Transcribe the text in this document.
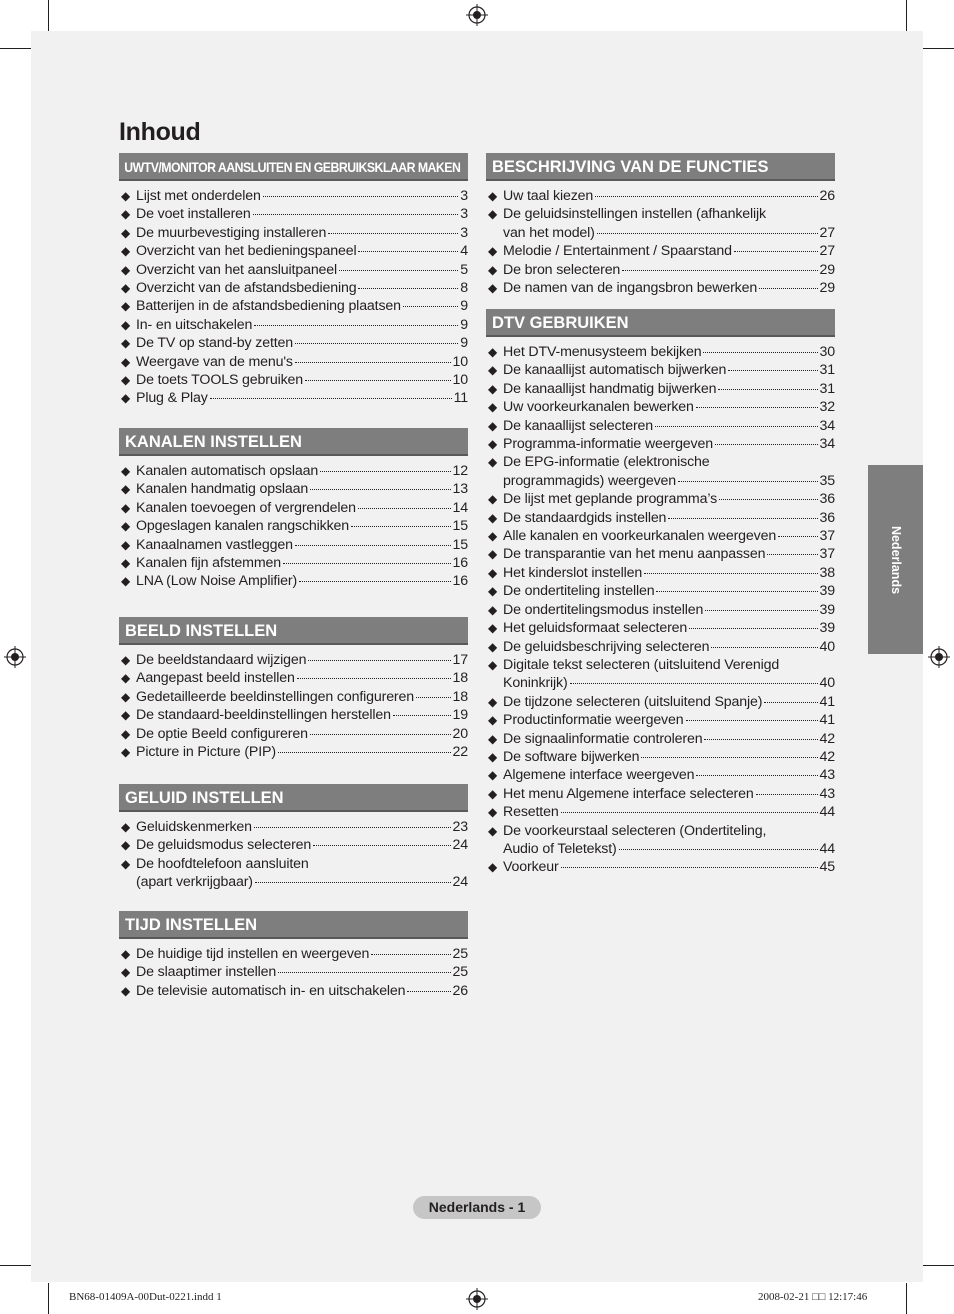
Inhoud
UWTV/MONITOR AANSLUITEN EN GEBRUIKSKLAAR MAKEN
◆ Lijst met onderdelen	3
◆ De voet installeren	3
◆ De muurbevestiging installeren	3
◆ Overzicht van het bedieningspaneel	4
◆ Overzicht van het aansluitpaneel	5
◆ Overzicht van de afstandsbediening	8
◆ Batterijen in de afstandsbediening plaatsen	9
◆ In- en uitschakelen	9
◆ De TV op stand-by zetten	9
◆ Weergave van de menu's	10
◆ De toets TOOLS gebruiken	10
◆ Plug & Play	11
KANALEN INSTELLEN
◆ Kanalen automatisch opslaan	12
◆ Kanalen handmatig opslaan	13
◆ Kanalen toevoegen of vergrendelen	14
◆ Opgeslagen kanalen rangschikken	15
◆ Kanaalnamen vastleggen	15
◆ Kanalen fijn afstemmen	16
◆ LNA (Low Noise Amplifier)	16
BEELD INSTELLEN
◆ De beeldstandaard wijzigen	17
◆ Aangepast beeld instellen	18
◆ Gedetailleerde beeldinstellingen configureren	18
◆ De standaard-beeldinstellingen herstellen	19
◆ De optie Beeld configureren	20
◆ Picture in Picture (PIP)	22
GELUID INSTELLEN
◆ Geluidskenmerken	23
◆ De geluidsmodus selecteren	24
◆ De hoofdtelefoon aansluiten
(apart verkrijgbaar)	24
TIJD INSTELLEN
◆ De huidige tijd instellen en weergeven	25
◆ De slaaptimer instellen	25
◆ De televisie automatisch in- en uitschakelen	26
BESCHRIJVING VAN DE FUNCTIES
◆ Uw taal kiezen	26
◆ De geluidsinstellingen instellen (afhankelijk
van het model)	27
◆ Melodie / Entertainment / Spaarstand	27
◆ De bron selecteren	29
◆ De namen van de ingangsbron bewerken	29
DTV GEBRUIKEN
◆ Het DTV-menusysteem bekijken	30
◆ De kanaallijst automatisch bijwerken	31
◆ De kanaallijst handmatig bijwerken	31
◆ Uw voorkeurkanalen bewerken	32
◆ De kanaallijst selecteren	34
◆ Programma-informatie weergeven	34
◆ De EPG-informatie (elektronische
programmagids) weergeven	35
◆ De lijst met geplande programma’s	36
◆ De standaardgids instellen	36
◆ Alle kanalen en voorkeurkanalen weergeven	37
◆ De transparantie van het menu aanpassen	37
◆ Het kinderslot instellen	38
◆ De ondertiteling instellen	39
◆ De ondertitelingsmodus instellen	39
◆ Het geluidsformaat selecteren	39
◆ De geluidsbeschrijving selecteren	40
◆ Digitale tekst selecteren (uitsluitend Verenigd
Koninkrijk)	40
◆ De tijdzone selecteren (uitsluitend Spanje)	41
◆ Productinformatie weergeven	41
◆ De signaalinformatie controleren	42
◆ De software bijwerken	42
◆ Algemene interface weergeven	43
◆ Het menu Algemene interface selecteren	43
◆ Resetten	44
◆ De voorkeurstaal selecteren (Ondertiteling,
Audio of Teletekst)	44
◆ Voorkeur	45
Nederlands
Nederlands - 1
BN68-01409A-00Dut-0221.indd 1	2008-02-21 □□ 12:17:46
